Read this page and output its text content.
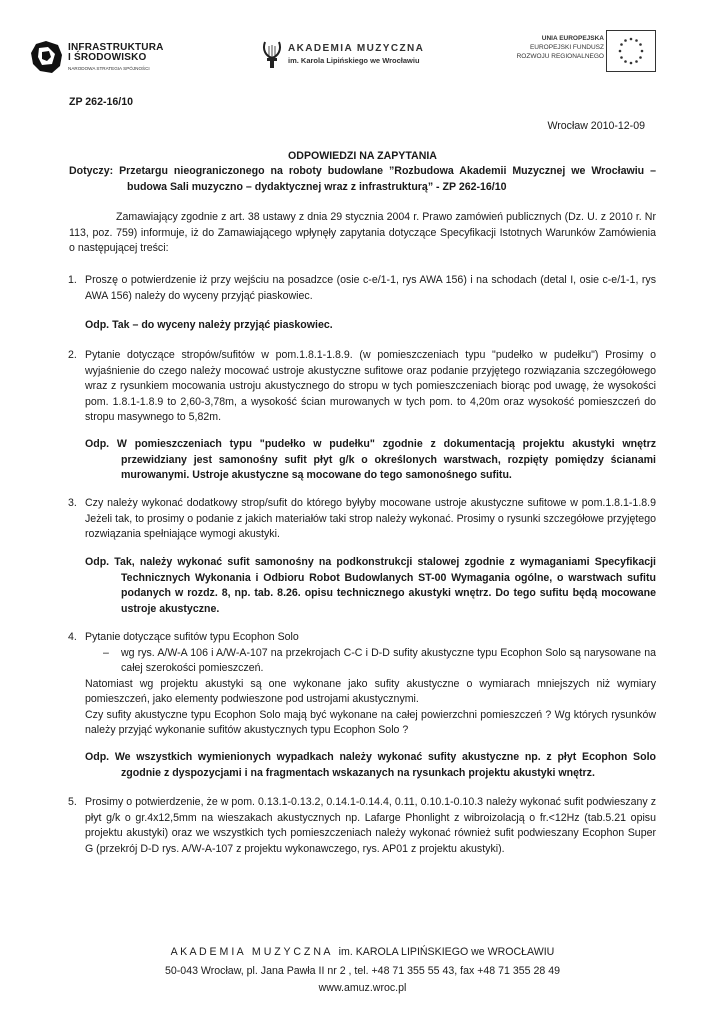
INFRASTRUKTURA
I ŚRODOWISKO
NARODOWA STRATEGIA SPÓJNOŚCI
AKADEMIA MUZYCZNA
im. Karola Lipińskiego we Wrocławiu
UNIA EUROPEJSKA
EUROPEJSKI FUNDUSZ
ROZWOJU REGIONALNEGO
ZP 262-16/10
Wrocław 2010-12-09
ODPOWIEDZI NA ZAPYTANIA
Dotyczy: Przetargu nieograniczonego na roboty budowlane ”Rozbudowa Akademii Muzycznej we Wrocławiu –
budowa Sali muzyczno – dydaktycznej wraz z infrastrukturą” - ZP 262-16/10
Zamawiający zgodnie z art. 38 ustawy z dnia 29 stycznia 2004 r. Prawo zamówień publicznych (Dz. U. z 2010 r. Nr 113, poz. 759) informuje, iż do Zamawiającego wpłynęły zapytania dotyczące Specyfikacji Istotnych Warunków Zamówienia o następującej treści:
1. Proszę o potwierdzenie iż przy wejściu na posadzce (osie c-e/1-1, rys AWA 156) i na schodach (detal I, osie c-e/1-1, rys AWA 156) należy do wyceny przyjąć piaskowiec.
Odp. Tak – do wyceny należy przyjąć piaskowiec.
2. Pytanie dotyczące stropów/sufitów w pom.1.8.1-1.8.9. (w pomieszczeniach typu "pudełko w pudełku") Prosimy o wyjaśnienie do czego należy mocować ustroje akustyczne sufitowe oraz podanie przyjętego rozwiązania szczegółowego wraz z rysunkiem mocowania ustroju akustycznego do stropu w tych pomieszczeniach biorąc pod uwagę, że wysokości pom. 1.8.1-1.8.9 to 2,60-3,78m, a wysokość ścian murowanych w tych pom. to 4,20m oraz wysokość pomieszczeń do stropu masywnego to 5,82m.
Odp. W pomieszczeniach typu "pudełko w pudełku" zgodnie z dokumentacją projektu akustyki wnętrz przewidziany jest samonośny sufit płyt g/k o określonych warstwach, rozpięty pomiędzy ścianami murowanymi. Ustroje akustyczne są mocowane do tego samonośnego sufitu.
3. Czy należy wykonać dodatkowy strop/sufit do którego byłyby mocowane ustroje akustyczne sufitowe w pom.1.8.1-1.8.9 Jeżeli tak, to prosimy o podanie z jakich materiałów taki strop należy wykonać. Prosimy o rysunki szczegółowe przyjętego rozwiązania spełniające wymogi akustyki.
Odp. Tak, należy wykonać sufit samonośny na podkonstrukcji stalowej zgodnie z wymaganiami Specyfikacji Technicznych Wykonania i Odbioru Robot Budowlanych ST-00 Wymagania ogólne, o warstwach sufitu podanych w rozdz. 8, np. tab. 8.26. opisu technicznego akustyki wnętrz. Do tego sufitu będą mocowane ustroje akustyczne.
4. Pytanie dotyczące sufitów typu Ecophon Solo
– wg rys. A/W-A 106 i A/W-A-107 na przekrojach C-C i D-D sufity akustyczne typu Ecophon Solo są narysowane na całej szerokości pomieszczeń.
Natomiast wg projektu akustyki są one wykonane jako sufity akustyczne o wymiarach mniejszych niż wymiary pomieszczeń, jako elementy podwieszone pod ustrojami akustycznymi.
Czy sufity akustyczne typu Ecophon Solo mają być wykonane na całej powierzchni pomieszczeń ? Wg których rysunków należy przyjąć wykonanie sufitów akustycznych typu Ecophon Solo ?
Odp. We wszystkich wymienionych wypadkach należy wykonać sufity akustyczne np. z płyt Ecophon Solo zgodnie z dyspozycjami i na fragmentach wskazanych na rysunkach projektu akustyki wnętrz.
5. Prosimy o potwierdzenie, że w pom. 0.13.1-0.13.2, 0.14.1-0.14.4, 0.11, 0.10.1-0.10.3 należy wykonać sufit podwieszany z płyt g/k o gr.4x12,5mm na wieszakach akustycznych np. Lafarge Phonlight z wibroizolacją o fr.<12Hz (tab.5.21 opisu projektu akustyki) oraz we wszystkich tych pomieszczeniach należy wykonać również sufit podwieszany Ecophon Super G (przekrój D-D rys. A/W-A-107 z projektu wykonawczego, rys. AP01 z projektu akustyki).
A K A D E M I A   M U Z Y C Z N A   im. KAROLA LIPIŃSKIEGO we WROCŁAWIU
50-043 Wrocław, pl. Jana Pawła II nr 2 , tel. +48 71 355 55 43, fax +48 71 355 28 49
www.amuz.wroc.pl
